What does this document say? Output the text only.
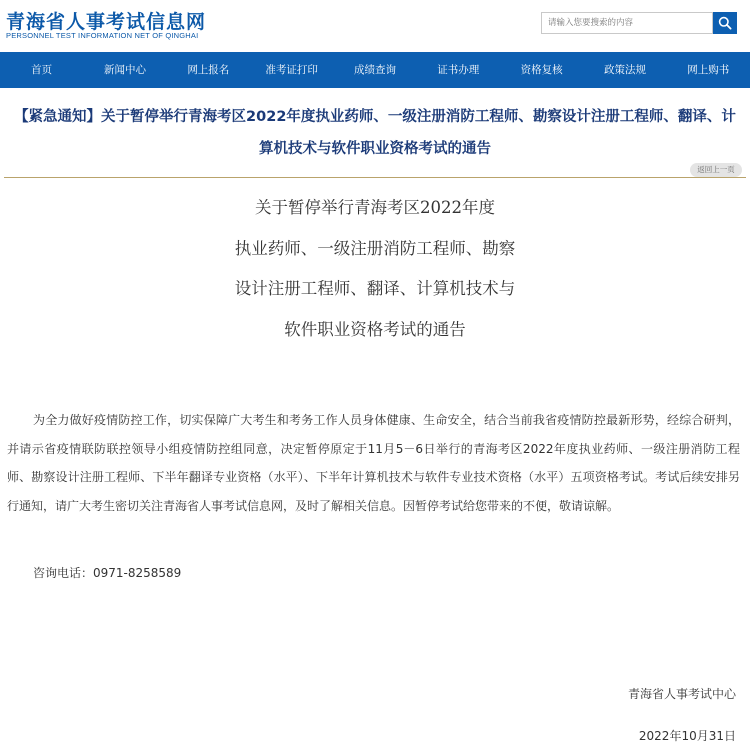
青海省人事考试信息网
PERSONNEL TEST INFORMATION NET OF QINGHAI
请输入您要搜索的内容
首页	新闻中心	网上报名	准考证打印	成绩查询	证书办理	资格复核	政策法规	网上购书
【紧急通知】关于暂停举行青海考区2022年度执业药师、一级注册消防工程师、勘察设计注册工程师、翻译、计算机技术与软件职业资格考试的通告
返回上一页
关于暂停举行青海考区2022年度
执业药师、一级注册消防工程师、勘察
设计注册工程师、翻译、计算机技术与
软件职业资格考试的通告
为全力做好疫情防控工作，切实保障广大考生和考务工作人员身体健康、生命安全，结合当前我省疫情防控最新形势，经综合研判，并请示省疫情联防联控领导小组疫情防控组同意，决定暂停原定于11月5－6日举行的青海考区2022年度执业药师、一级注册消防工程师、勘察设计注册工程师、下半年翻译专业资格（水平）、下半年计算机技术与软件专业技术资格（水平）五项资格考试。考试后续安排另行通知，请广大考生密切关注青海省人事考试信息网，及时了解相关信息。因暂停考试给您带来的不便，敬请谅解。
咨询电话：0971-8258589
青海省人事考试中心
2022年10月31日
